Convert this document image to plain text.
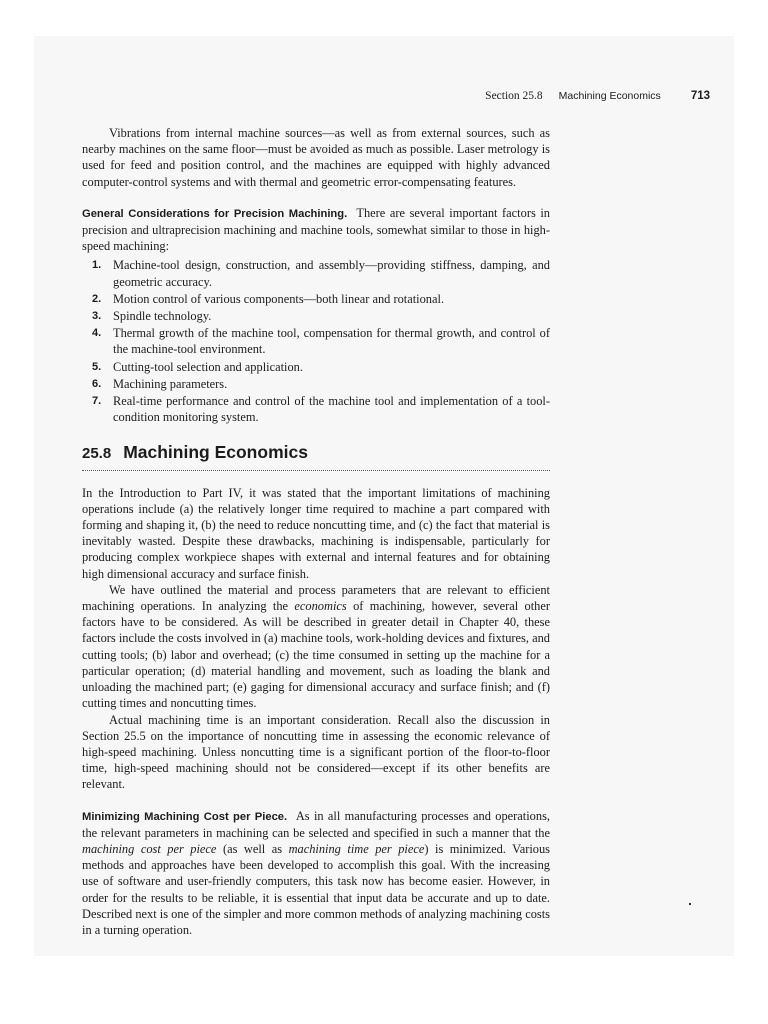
Section 25.8 Machining Economics	713

Vibrations from internal machine sources—as well as from external sources, such as nearby machines on the same floor—must be avoided as much as possible. Laser metrology is used for feed and position control, and the machines are equipped with highly advanced computer-control systems and with thermal and geometric error-compensating features.

General Considerations for Precision Machining. There are several important factors in precision and ultraprecision machining and machine tools, somewhat similar to those in high-speed machining:

1. Machine-tool design, construction, and assembly—providing stiffness, damping, and geometric accuracy.
2. Motion control of various components—both linear and rotational.
3. Spindle technology.
4. Thermal growth of the machine tool, compensation for thermal growth, and control of the machine-tool environment.
5. Cutting-tool selection and application.
6. Machining parameters.
7. Real-time performance and control of the machine tool and implementation of a tool-condition monitoring system.
25.8 Machining Economics

In the Introduction to Part IV, it was stated that the important limitations of machining operations include (a) the relatively longer time required to machine a part compared with forming and shaping it, (b) the need to reduce noncutting time, and (c) the fact that material is inevitably wasted. Despite these drawbacks, machining is indispensable, particularly for producing complex workpiece shapes with external and internal features and for obtaining high dimensional accuracy and surface finish.

We have outlined the material and process parameters that are relevant to efficient machining operations. In analyzing the economics of machining, however, several other factors have to be considered. As will be described in greater detail in Chapter 40, these factors include the costs involved in (a) machine tools, work-holding devices and fixtures, and cutting tools; (b) labor and overhead; (c) the time consumed in setting up the machine for a particular operation; (d) material handling and movement, such as loading the blank and unloading the machined part; (e) gaging for dimensional accuracy and surface finish; and (f) cutting times and noncutting times.

Actual machining time is an important consideration. Recall also the discussion in Section 25.5 on the importance of noncutting time in assessing the economic relevance of high-speed machining. Unless noncutting time is a significant portion of the floor-to-floor time, high-speed machining should not be considered—except if its other benefits are relevant.

Minimizing Machining Cost per Piece. As in all manufacturing processes and operations, the relevant parameters in machining can be selected and specified in such a manner that the machining cost per piece (as well as machining time per piece) is minimized. Various methods and approaches have been developed to accomplish this goal. With the increasing use of software and user-friendly computers, this task now has become easier. However, in order for the results to be reliable, it is essential that input data be accurate and up to date. Described next is one of the simpler and more common methods of analyzing machining costs in a turning operation.
